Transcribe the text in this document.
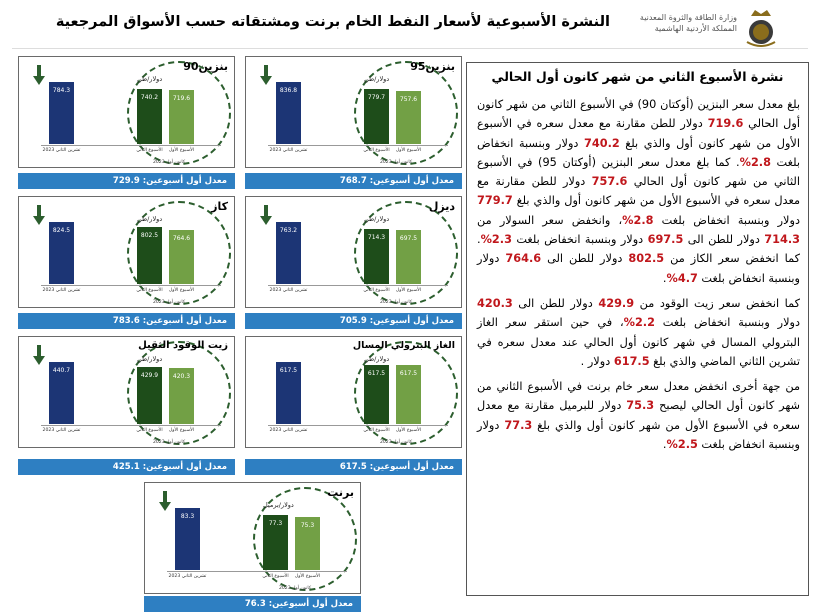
النشرة الأسبوعية لأسعار النفط الخام برنت ومشتقاته حسب الأسواق المرجعية	وزارة الطاقة والثروة المعدنية
المملكة الأردنية الهاشمية
بنزين90
دولار/طن
784.3
740.2	719.6
تشرين الثاني 2023	الأسبوع الثاني	الأسبوع الأول
كانون أول 2023
معدل أول أسبوعين: 729.9
بنزين95
دولار/طن
836.8
779.7	757.6
تشرين الثاني 2023	الأسبوع الثاني	الأسبوع الأول
كانون أول 2023
معدل أول أسبوعين: 768.7
كاز
دولار/طن
824.5
802.5	764.6
تشرين الثاني 2023	الأسبوع الثاني	الأسبوع الأول
كانون أول 2023
معدل أول أسبوعين: 783.6
ديزل
دولار/طن
763.2
714.3	697.5
تشرين الثاني 2023	الأسبوع الثاني	الأسبوع الأول
كانون أول 2023
معدل أول أسبوعين: 705.9
زيت الوقود الثقيل
دولار/طن
440.7
429.9	420.3
تشرين الثاني 2023	الأسبوع الثاني	الأسبوع الأول
كانون أول 2023
معدل أول أسبوعين: 425.1
الغاز البترولي المسال
دولار/طن
617.5	617.5	617.5
تشرين الثاني 2023	الأسبوع الثاني	الأسبوع الأول
كانون أول 2023
معدل أول أسبوعين: 617.5
برنت
دولار/برميل
83.3
77.3	75.3
تشرين الثاني 2023	الأسبوع الثاني	الأسبوع الأول
كانون أول 2023
معدل أول أسبوعين: 76.3
نشرة الأسبوع الثاني من شهر كانون أول الحالي

بلغ معدل سعر البنزين (أوكتان 90) في الأسبوع الثاني من شهر كانون أول الحالي 719.6 دولار للطن مقارنة مع معدل سعره في الأسبوع الأول من شهر كانون أول والذي بلغ 740.2 دولار وبنسبة انخفاض بلغت 2.8%. كما بلغ معدل سعر البنزين (أوكتان 95) في الأسبوع الثاني من شهر كانون أول الحالي 757.6 دولار للطن مقارنة مع معدل سعره في الأسبوع الأول من شهر كانون أول والذي بلغ 779.7 دولار وبنسبة انخفاض بلغت 2.8%، وانخفض سعر السولار من 714.3 دولار للطن الى 697.5 دولار وبنسبة انخفاض بلغت 2.3%. كما انخفض سعر الكاز من 802.5 دولار للطن الى 764.6 دولار وبنسبة انخفاض بلغت 4.7%.

كما انخفض سعر زيت الوقود من 429.9 دولار للطن الى 420.3 دولار وبنسبة انخفاض بلغت 2.2%، في حين استقر سعر الغاز البترولي المسال في شهر كانون أول الحالي عند معدل سعره في تشرين الثاني الماضي والذي بلغ 617.5 دولار .

من جهة أخرى انخفض معدل سعر خام برنت في الأسبوع الثاني من شهر كانون أول الحالي ليصبح 75.3 دولار للبرميل مقارنة مع معدل سعره في الأسبوع الأول من شهر كانون أول والذي بلغ 77.3 دولار وبنسبة انخفاض بلغت 2.5%.
